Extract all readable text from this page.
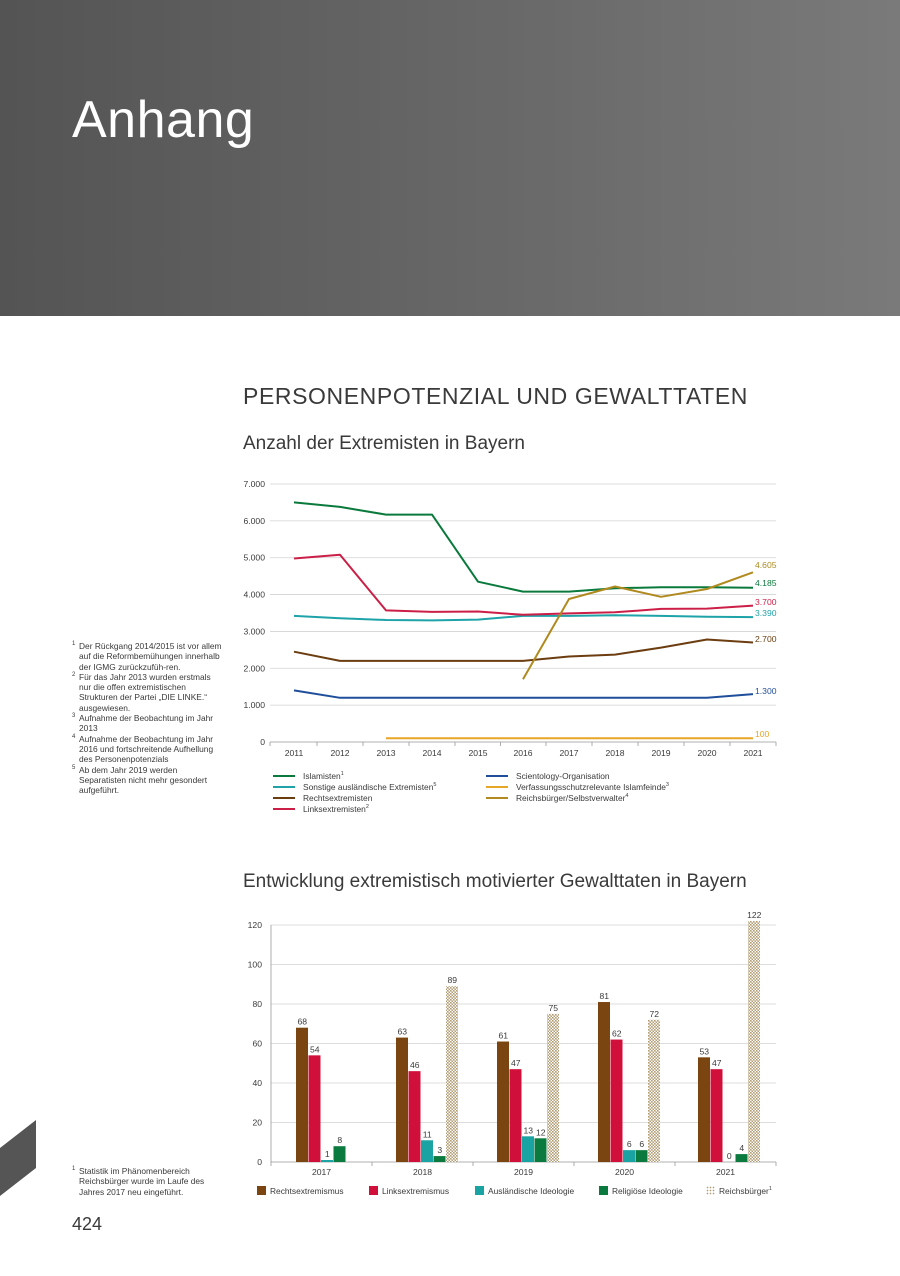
Anhang
PERSONENPOTENZIAL UND GEWALTTATEN
Anzahl der Extremisten in Bayern
0
1.000
2.000
3.000
4.000
5.000
6.000
7.000
2011	2012	2013	2014	2015	2016	2017	2018	2019	2020	2021
4.185
3.390
2.700
3.700
1.300
100
4.605
Islamisten$^1$
Sonstige ausländische Extremisten$^5$
Rechtsextremisten
Linksextremisten$^2$
Scientology-Organisation
Verfassungsschutzrelevante Islamfeinde$^3$
Reichsbürger/Selbstverwalter$^4$
1 Der Rückgang 2014/2015 ist vor allem auf die Reformbemühungen innerhalb der IGMG zurückzufüh-ren.
2 Für das Jahr 2013 wurden erstmals nur die offen extremistischen Strukturen der Partei „DIE LINKE.“ ausgewiesen.
3 Aufnahme der Beobachtung im Jahr 2013
4 Aufnahme der Beobachtung im Jahr 2016 und fortschreitende Aufhellung des Personenpotenzials
5 Ab dem Jahr 2019 werden Separatisten nicht mehr gesondert aufgeführt.
Entwicklung extremistisch motivierter Gewalttaten in Bayern
0
20
40
60
80
100
120
2017	2018	2019	2020	2021
68
63	61
81
53
54
46	47
62
47
1
11	13
6
0
8
3
12
6	4
89
75
72
122
Rechtsextremismus	Linksextremismus	Ausländische Ideologie	Religiöse Ideologie	Reichsbürger$^1$
1 Statistik im Phänomenbereich Reichsbürger wurde im Laufe des Jahres 2017 neu eingeführt.
424
